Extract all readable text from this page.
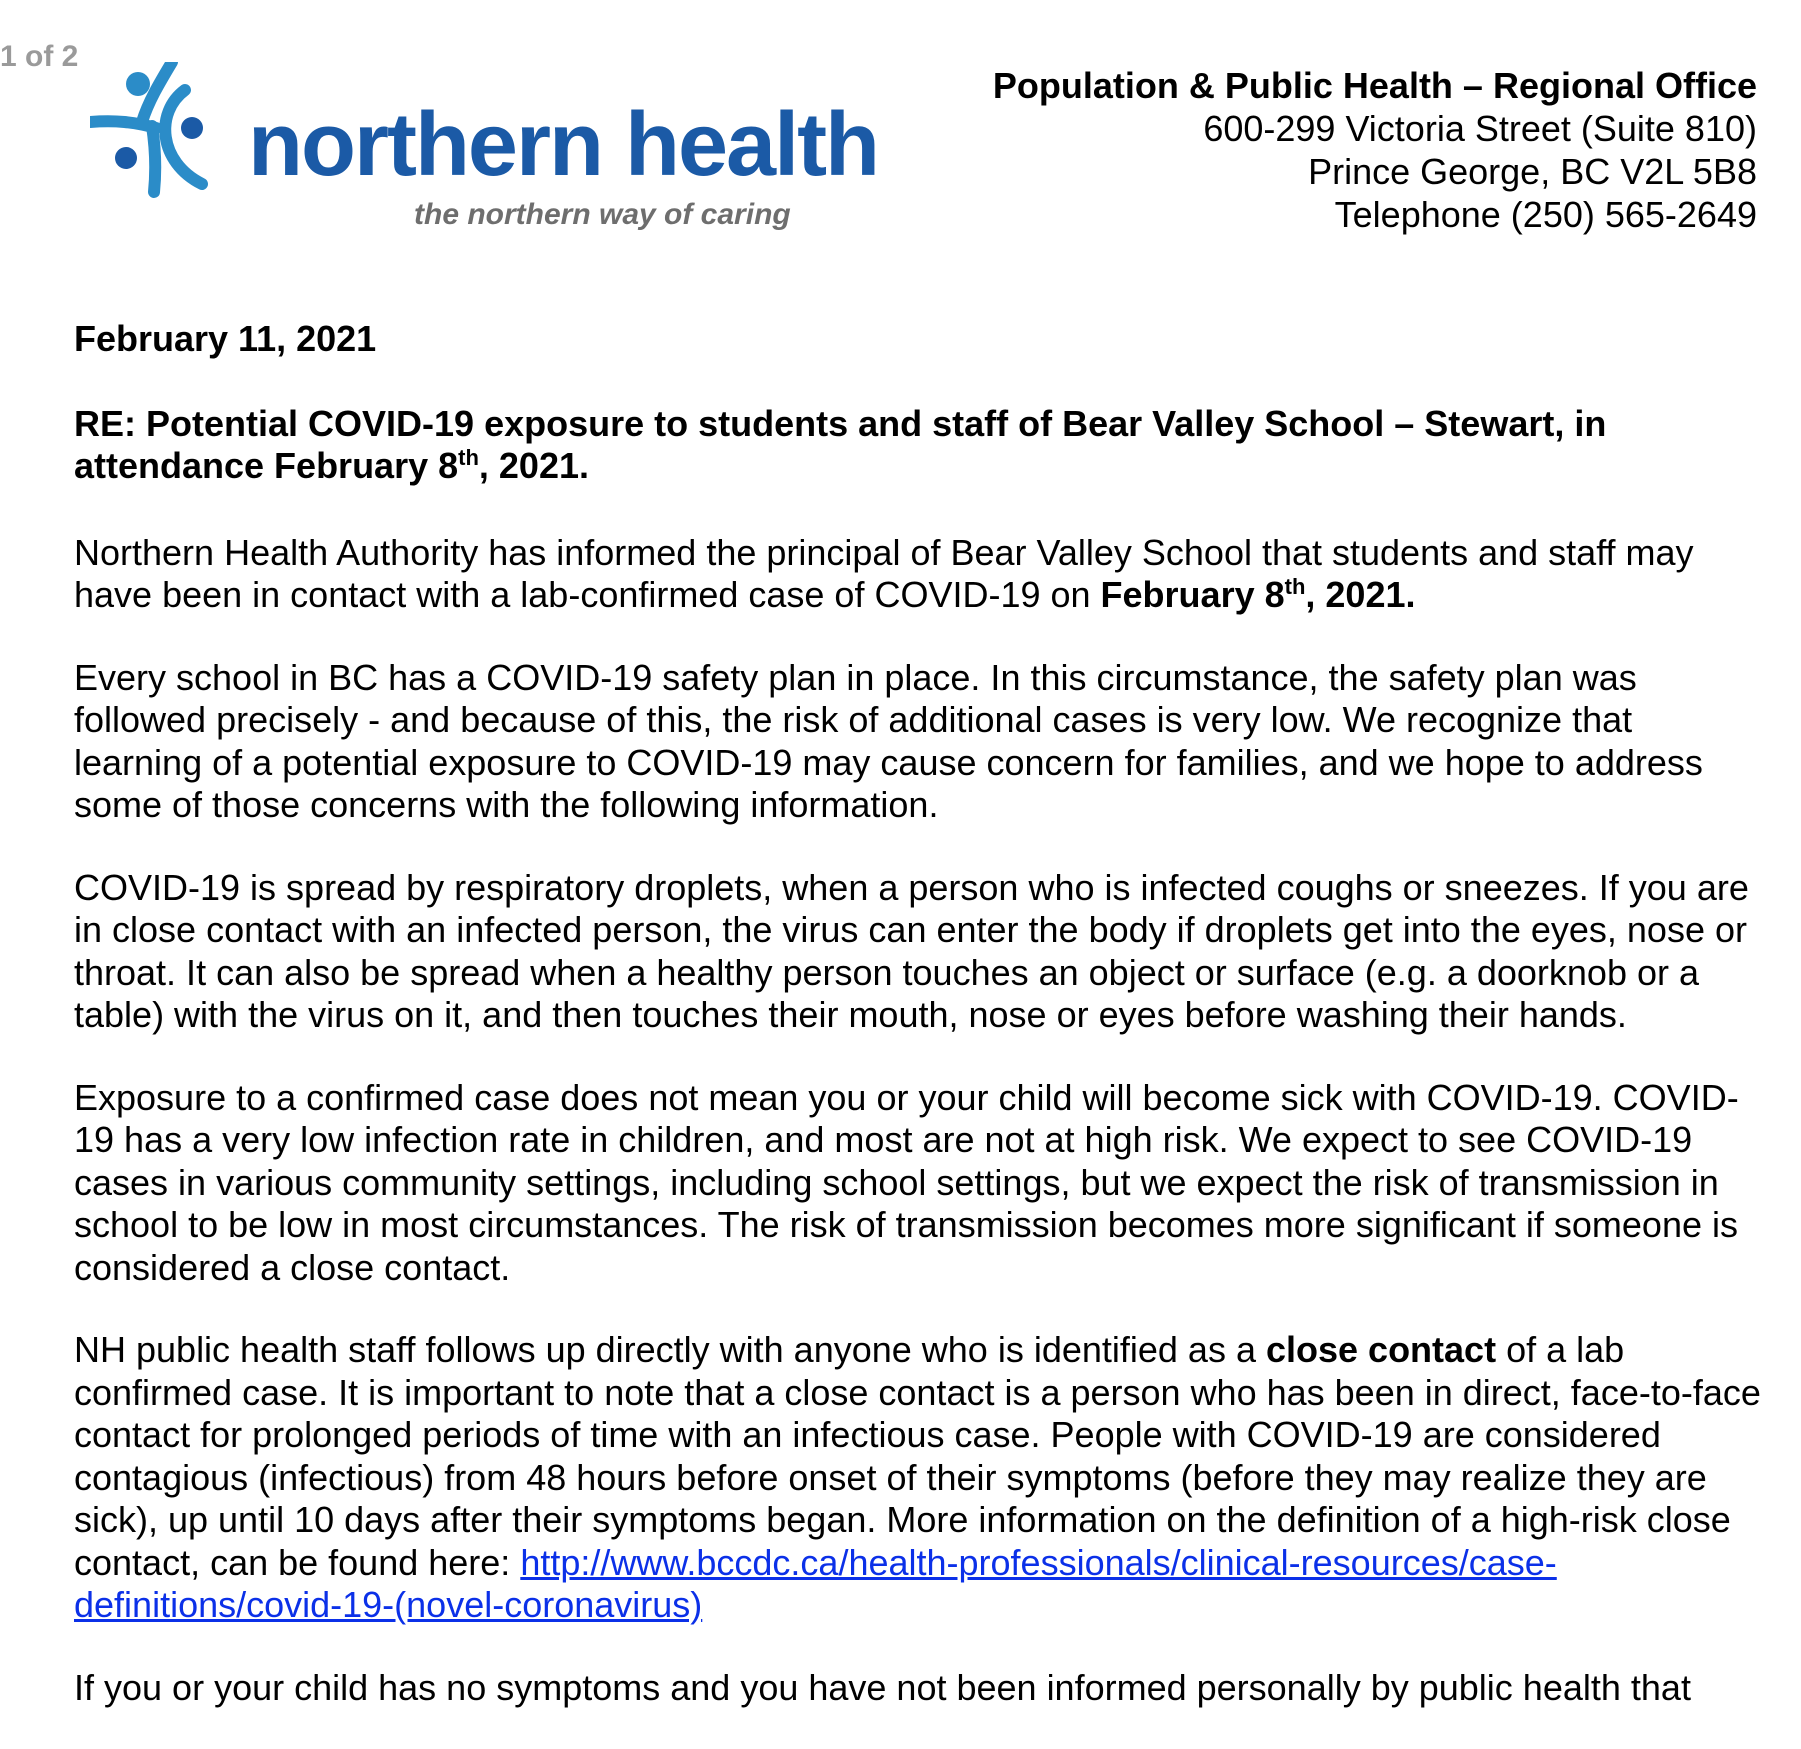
1 of 2
northern health
the northern way of caring
Population & Public Health – Regional Office
600-299 Victoria Street (Suite 810)
Prince George, BC V2L 5B8
Telephone (250) 565-2649

February 11, 2021

RE: Potential COVID-19 exposure to students and staff of Bear Valley School – Stewart, in attendance February 8th, 2021.

Northern Health Authority has informed the principal of Bear Valley School that students and staff may have been in contact with a lab-confirmed case of COVID-19 on February 8th, 2021.

Every school in BC has a COVID-19 safety plan in place. In this circumstance, the safety plan was followed precisely - and because of this, the risk of additional cases is very low. We recognize that learning of a potential exposure to COVID-19 may cause concern for families, and we hope to address some of those concerns with the following information.

COVID-19 is spread by respiratory droplets, when a person who is infected coughs or sneezes. If you are in close contact with an infected person, the virus can enter the body if droplets get into the eyes, nose or throat. It can also be spread when a healthy person touches an object or surface (e.g. a doorknob or a table) with the virus on it, and then touches their mouth, nose or eyes before washing their hands.

Exposure to a confirmed case does not mean you or your child will become sick with COVID-19. COVID-19 has a very low infection rate in children, and most are not at high risk. We expect to see COVID-19 cases in various community settings, including school settings, but we expect the risk of transmission in school to be low in most circumstances. The risk of transmission becomes more significant if someone is considered a close contact.

NH public health staff follows up directly with anyone who is identified as a close contact of a lab confirmed case. It is important to note that a close contact is a person who has been in direct, face-to-face contact for prolonged periods of time with an infectious case. People with COVID-19 are considered contagious (infectious) from 48 hours before onset of their symptoms (before they may realize they are sick), up until 10 days after their symptoms began. More information on the definition of a high-risk close contact, can be found here: http://www.bccdc.ca/health-professionals/clinical-resources/case-definitions/covid-19-(novel-coronavirus)

If you or your child has no symptoms and you have not been informed personally by public health that
